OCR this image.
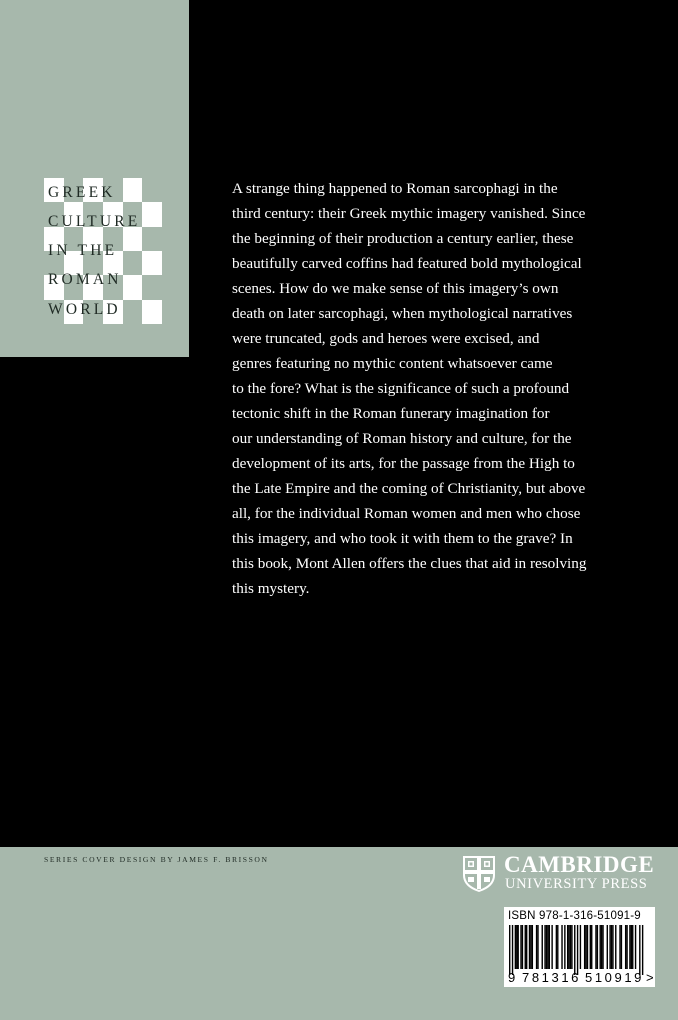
GREEK
CULTURE
IN THE
ROMAN
WORLD

A strange thing happened to Roman sarcophagi in the
third century: their Greek mythic imagery vanished. Since
the beginning of their production a century earlier, these
beautifully carved coffins had featured bold mythological
scenes. How do we make sense of this imagery’s own
death on later sarcophagi, when mythological narratives
were truncated, gods and heroes were excised, and
genres featuring no mythic content whatsoever came
to the fore? What is the significance of such a profound
tectonic shift in the Roman funerary imagination for
our understanding of Roman history and culture, for the
development of its arts, for the passage from the High to
the Late Empire and the coming of Christianity, but above
all, for the individual Roman women and men who chose
this imagery, and who took it with them to the grave? In
this book, Mont Allen offers the clues that aid in resolving
this mystery.

SERIES COVER DESIGN BY JAMES F. BRISSON	CAMBRIDGE
UNIVERSITY PRESS
ISBN 978-1-316-51091-9
9 781316 510919 >
